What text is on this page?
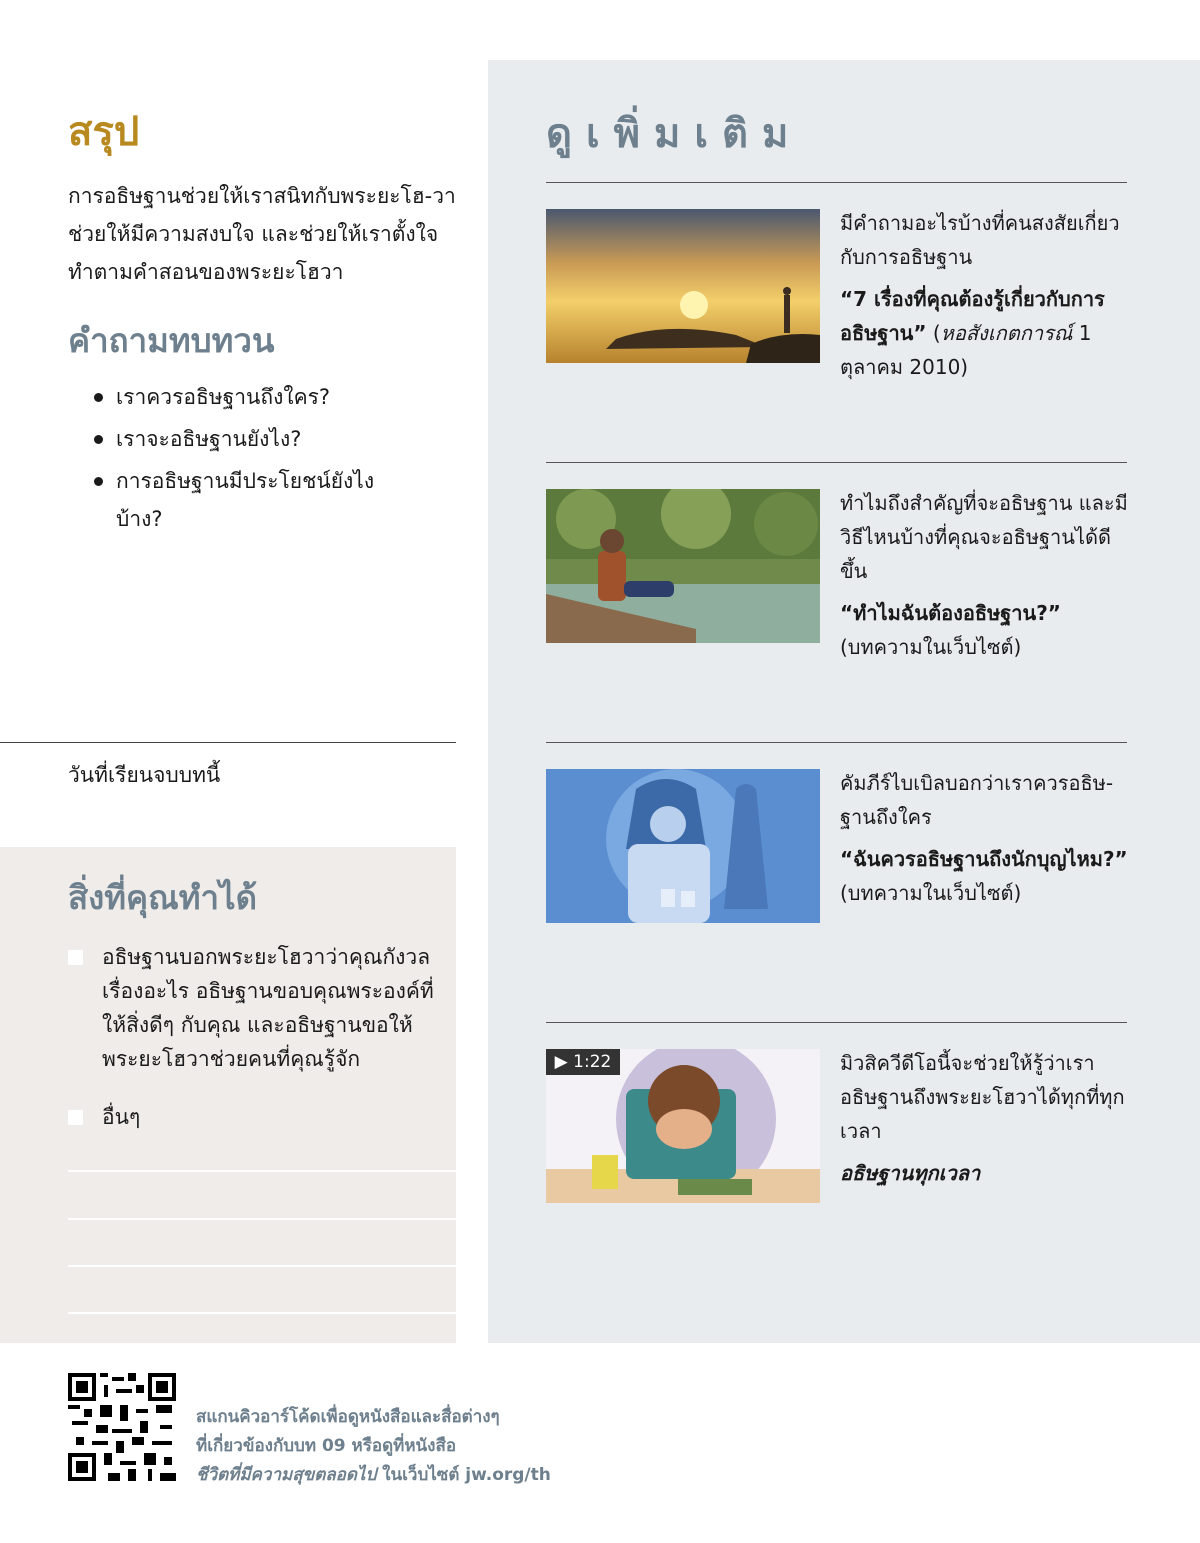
สรุป
การอธิษฐานช่วยให้เราสนิทกับพระยะโฮ-วา ช่วยให้มีความสงบใจ และช่วยให้เราตั้งใจทำตามคำสอนของพระยะโฮวา
คำถามทบทวน
เราควรอธิษฐานถึงใคร?
เราจะอธิษฐานยังไง?
การอธิษฐานมีประโยชน์ยังไงบ้าง?
วันที่เรียนจบบทนี้
สิ่งที่คุณทำได้
อธิษฐานบอกพระยะโฮวาว่าคุณกังวลเรื่องอะไร อธิษฐานขอบคุณพระองค์ที่ให้สิ่งดีๆ กับคุณ และอธิษฐานขอให้พระยะโฮวาช่วยคนที่คุณรู้จัก
อื่นๆ
ดูเพิ่มเติม
มีคำถามอะไรบ้างที่คนสงสัยเกี่ยวกับการอธิษฐาน
“7 เรื่องที่คุณต้องรู้เกี่ยวกับการอธิษฐาน” (หอสังเกตการณ์ 1 ตุลาคม 2010)
ทำไมถึงสำคัญที่จะอธิษฐาน และมีวิธีไหนบ้างที่คุณจะอธิษฐานได้ดีขึ้น
“ทำไมฉันต้องอธิษฐาน?”
(บทความในเว็บไซต์)
คัมภีร์ไบเบิลบอกว่าเราควรอธิษ-ฐานถึงใคร
“ฉันควรอธิษฐานถึงนักบุญไหม?”
(บทความในเว็บไซต์)
▶ 1:22	มิวสิควีดีโอนี้จะช่วยให้รู้ว่าเราอธิษฐานถึงพระยะโฮวาได้ทุกที่ทุกเวลา
อธิษฐานทุกเวลา
สแกนคิวอาร์โค้ดเพื่อดูหนังสือและสื่อต่างๆ
ที่เกี่ยวข้องกับบท 09 หรือดูที่หนังสือ
ชีวิตที่มีความสุขตลอดไป ในเว็บไซต์ jw.org/th
